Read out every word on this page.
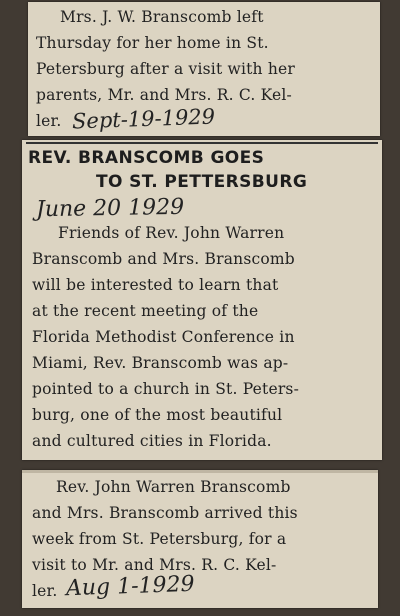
Mrs. J. W. Branscomb left
Thursday for her home in St.
Petersburg after a visit with her
parents, Mr. and Mrs. R. C. Kel-
ler. Sept-19-1929
REV. BRANSCOMB GOES
TO ST. PETTERSBURG
June 20 1929
Friends of Rev. John Warren
Branscomb and Mrs. Branscomb
will be interested to learn that
at the recent meeting of the
Florida Methodist Conference in
Miami, Rev. Branscomb was ap-
pointed to a church in St. Peters-
burg, one of the most beautiful
and cultured cities in Florida.
Rev. John Warren Branscomb
and Mrs. Branscomb arrived this
week from St. Petersburg, for a
visit to Mr. and Mrs. R. C. Kel-
ler. Aug 1-1929
